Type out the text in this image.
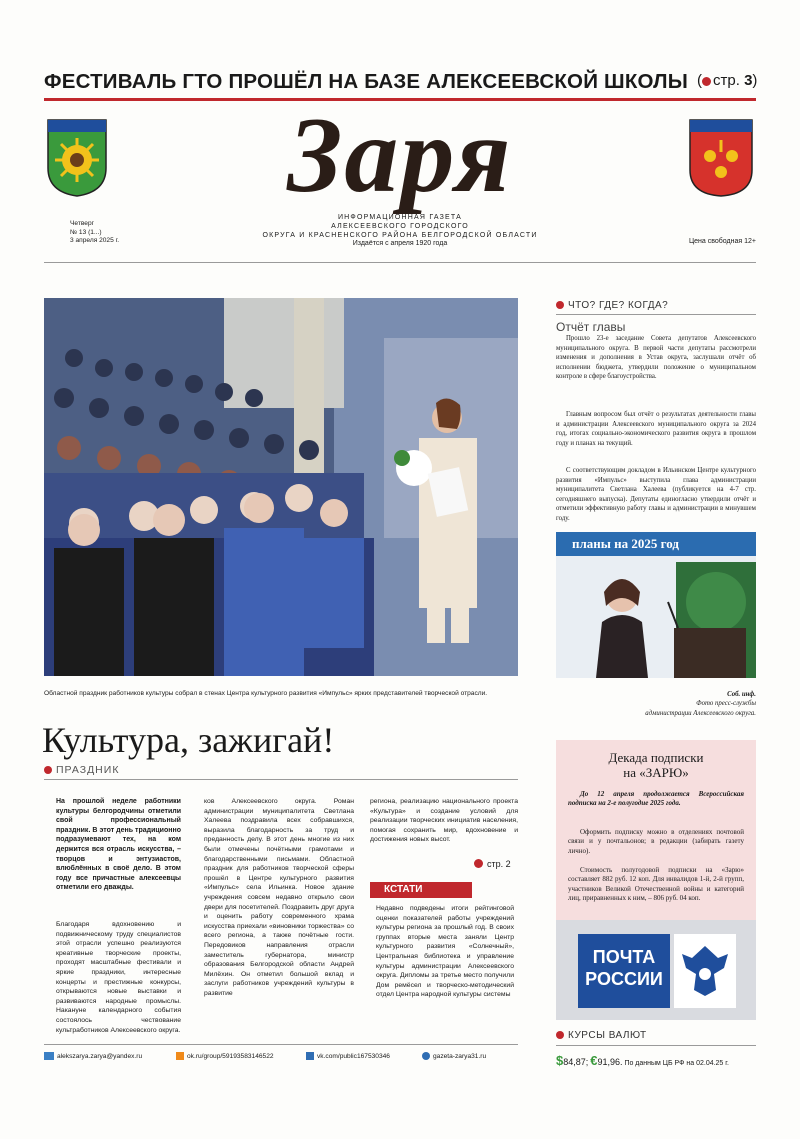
ФЕСТИВАЛЬ ГТО ПРОШЁЛ НА БАЗЕ АЛЕКСЕЕВСКОЙ ШКОЛЫ ( стр. 3)
Заря
Четверг
№ 13 (1...)
3 апреля 2025 г.
ИНФОРМАЦИОННАЯ ГАЗЕТА
АЛЕКСЕЕВСКОГО ГОРОДСКОГО
ОКРУГА И КРАСНЕНСКОГО РАЙОНА БЕЛГОРОДСКОЙ ОБЛАСТИ
Издаётся с апреля 1920 года	Цена свободная 12+
Областной праздник работников культуры собрал в стенах Центра культурного развития «Импульс» ярких представителей творческой отрасли.
Культура, зажигай!
ПРАЗДНИК
На прошлой неделе работники культуры белгородчины отметили свой профессиональный праздник. В этот день традиционно подразумевают тех, на ком держится вся отрасль искусства, – творцов и энтузиастов, влюблённых в своё дело. В этом году все причастные алексеевцы отметили его дважды.
Благодаря вдохновению и подвижническому труду специалистов этой отрасли успешно реализуются креативные творческие проекты, проходят масштабные фестивали и яркие праздники, интересные концерты и престижные конкурсы, открываются новые выставки и развиваются народные промыслы. Накануне календарного события состоялось чествование культработников Алексеевского округа.
ков Алексеевского округа. Роман администрации муниципалитета Светлана Халеева поздравила всех собравшихся, выразила благодарность за труд и преданность делу. В этот день многие из них были отмечены почётными грамотами и благодарственными письмами. Областной праздник для работников творческой сферы прошёл в Центре культурного развития «Импульс» села Ильинка. Новое здание учреждения совсем недавно открыло свои двери для посетителей. Поздравить друг друга и оценить работу современного храма искусства приехали «виновники торжества» со всего региона, а также почётные гости. Передовиков направления отрасли заместитель губернатора, министр образования Белгородской области Андрей Милёхин. Он отметил большой вклад и заслуги работников учреждений культуры в развитие
региона, реализацию национального проекта «Культура» и создание условий для реализации творческих инициатив населения, помогая сохранить мир, вдохновение и достижения новых высот.
стр. 2
КСТАТИ
Недавно подведены итоги рейтинговой оценки показателей работы учреждений культуры региона за прошлый год. В своих группах вторые места заняли Центр культурного развития «Солнечный», Центральная библиотека и управление культуры администрации Алексеевского округа. Дипломы за третье место получили Дом ремёсел и творческо-методический отдел Центра народной культуры системы
ЧТО? ГДЕ? КОГДА?
Отчёт главы
Прошло 23-е заседание Совета депутатов Алексеевского муниципального округа. В первой части депутаты рассмотрели изменения и дополнения в Устав округа, заслушали отчёт об исполнении бюджета, утвердили положение о муниципальном контроле в сфере благоустройства.
Главным вопросом был отчёт о результатах деятельности главы и администрации Алексеевского муниципального округа за 2024 год, итогах социально-экономического развития округа в прошлом году и планах на текущий.
С соответствующим докладом в Ильинском Центре культурного развития «Импульс» выступила глава администрации муниципалитета Светлана Халеева (публикуется на 4-7 стр. сегодняшнего выпуска). Депутаты единогласно утвердили отчёт и отметили эффективную работу главы и администрации в минувшем году.
планы на 2025 год
Соб. инф.
Фото пресс-службы
администрации Алексеевского округа.
Декада подписки
на «ЗАРЮ»
До 12 апреля продолжается Всероссийская подписка на 2-е полугодие 2025 года.
Оформить подписку можно в отделениях почтовой связи и у почтальонов; в редакции (забирать газету лично).
Стоимость полугодовой подписки на «Зарю» составляет 882 руб. 12 коп. Для инвалидов 1-й, 2-й групп, участников Великой Отечественной войны и категорий лиц, приравненных к ним, – 806 руб. 04 коп.
ПОЧТА
РОССИИ
КУРСЫ ВАЛЮТ
$84,87; €91,96. По данным ЦБ РФ на 02.04.25 г.
alekszarya.zarya@yandex.ru	ok.ru/group/59193583146522	vk.com/public167530346	gazeta-zarya31.ru
